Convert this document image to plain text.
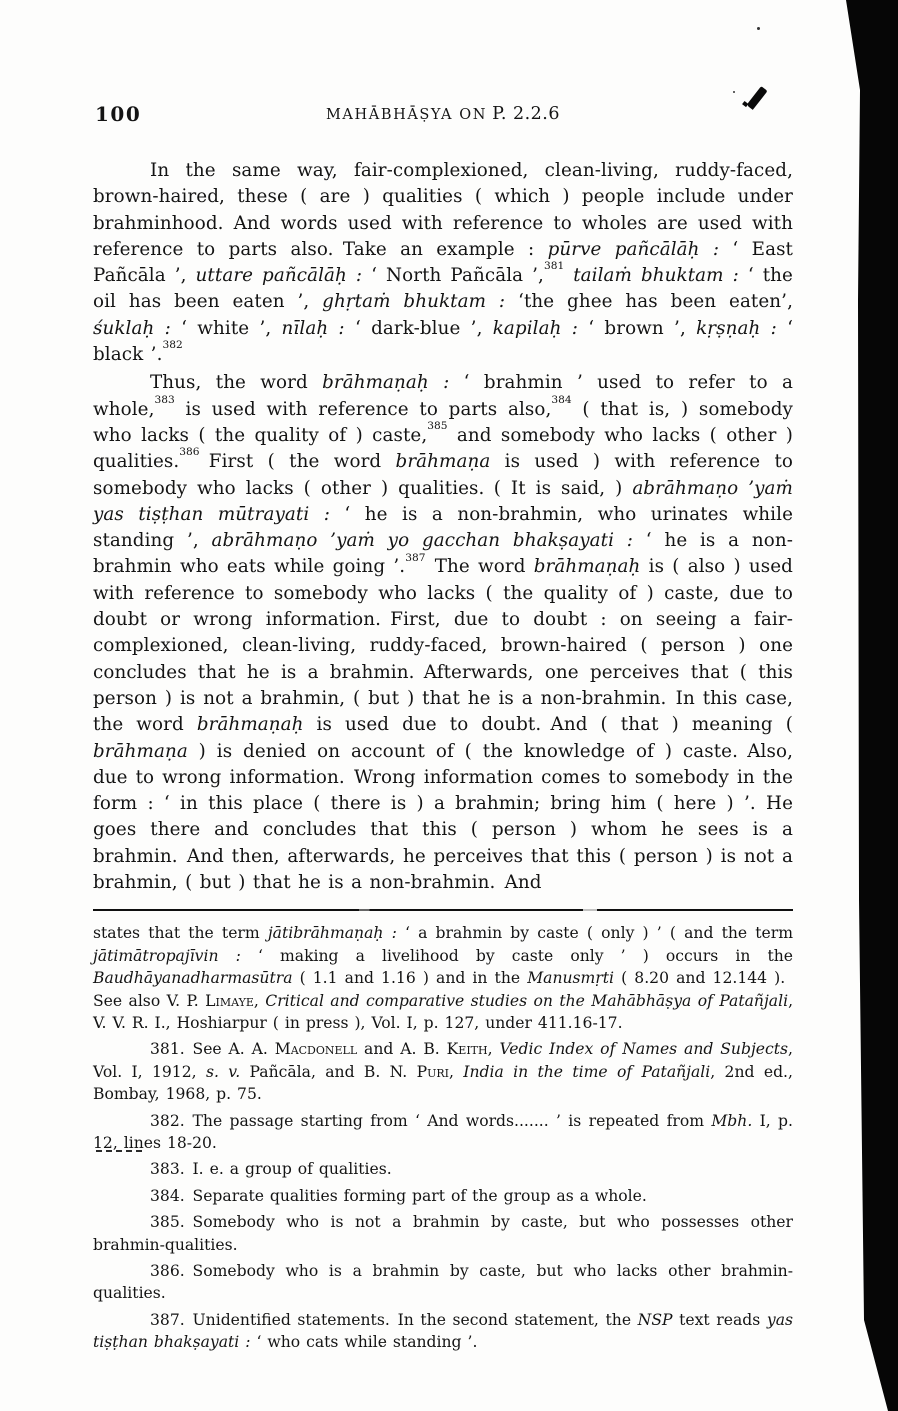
100	MAHĀBHĀṢYA ON P. 2.2.6

In the same way, fair-complexioned, clean-living, ruddy-faced, brown-haired, these ( are ) qualities ( which ) people include under brahminhood. And words used with reference to wholes are used with reference to parts also. Take an example : pūrve pañcālāḥ : ‘ East Pañcāla ’, uttare pañcālāḥ : ‘ North Pañcāla ’,$^{381}$ tailaṁ bhuktam : ‘ the oil has been eaten ’, ghṛtaṁ bhuktam : ‘the ghee has been eaten’, śuklaḥ : ‘ white ’, nīlaḥ : ‘ dark-blue ’, kapilaḥ : ‘ brown ’, kṛṣṇaḥ : ‘ black ’.$^{382}$

Thus, the word brāhmaṇaḥ : ‘ brahmin ’ used to refer to a whole,$^{383}$ is used with reference to parts also,$^{384}$ ( that is, ) somebody who lacks ( the quality of ) caste,$^{385}$ and somebody who lacks ( other ) qualities.$^{386}$ First ( the word brāhmaṇa is used ) with reference to somebody who lacks ( other ) qualities. ( It is said, ) abrāhmaṇo ’yaṁ yas tiṣṭhan mūtrayati : ‘ he is a non-brahmin, who urinates while standing ’, abrāhmaṇo ’yaṁ yo gacchan bhakṣayati : ‘ he is a non-brahmin who eats while going ’.$^{387}$ The word brāhmaṇaḥ is ( also ) used with reference to somebody who lacks ( the quality of ) caste, due to doubt or wrong information. First, due to doubt : on seeing a fair-complexioned, clean-living, ruddy-faced, brown-haired ( person ) one concludes that he is a brahmin. Afterwards, one perceives that ( this person ) is not a brahmin, ( but ) that he is a non-brahmin. In this case, the word brāhmaṇaḥ is used due to doubt. And ( that ) meaning ( brāhmaṇa ) is denied on account of ( the knowledge of ) caste. Also, due to wrong information. Wrong information comes to somebody in the form : ‘ in this place ( there is ) a brahmin; bring him ( here ) ’. He goes there and concludes that this ( person ) whom he sees is a brahmin. And then, afterwards, he perceives that this ( person ) is not a brahmin, ( but ) that he is a non-brahmin. And

states that the term jātibrāhmaṇaḥ : ‘ a brahmin by caste ( only ) ’ ( and the term jātimātropajīvin : ‘ making a livelihood by caste only ’ ) occurs in the Baudhāyanadharmasūtra ( 1.1 and 1.16 ) and in the Manusmṛti ( 8.20 and 12.144 ). See also V. P. Limaye, Critical and comparative studies on the Mahābhāṣya of Patañjali, V. V. R. I., Hoshiarpur ( in press ), Vol. I, p. 127, under 411.16-17.

381. See A. A. Macdonell and A. B. Keith, Vedic Index of Names and Subjects, Vol. I, 1912, s. v. Pañcāla, and B. N. Puri, India in the time of Patañjali, 2nd ed., Bombay, 1968, p. 75.

382. The passage starting from ‘ And words....... ’ is repeated from Mbh. I, p. 12, lines 18-20.

383. I. e. a group of qualities.

384. Separate qualities forming part of the group as a whole.

385. Somebody who is not a brahmin by caste, but who possesses other brahmin-qualities.

386. Somebody who is a brahmin by caste, but who lacks other brahmin-qualities.

387. Unidentified statements. In the second statement, the NSP text reads yas tiṣṭhan bhakṣayati : ‘ who cats while standing ’.
